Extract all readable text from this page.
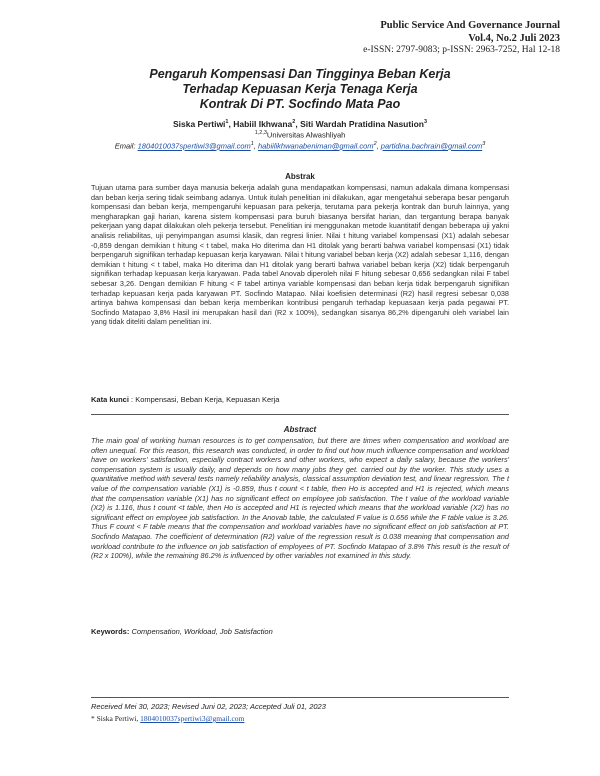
Public Service And Governance Journal
Vol.4, No.2 Juli 2023
e-ISSN: 2797-9083; p-ISSN: 2963-7252, Hal 12-18
Pengaruh Kompensasi Dan Tingginya Beban Kerja
Terhadap Kepuasan Kerja Tenaga Kerja
Kontrak Di PT. Socfindo Mata Pao
Siska Pertiwi$^1$, Habiil Ikhwana$^2$, Siti Wardah Pratidina Nasution$^3$
$^{1,2,3}$Universitas Alwashliyah
Email: 1804010037spertiwi3@gmail.com$^1$, habiilikhwanabeniman@gmail.com$^2$, partidina.bachrain@gmail.com$^3$
Abstrak
Tujuan utama para sumber daya manusia bekerja adalah guna mendapatkan kompensasi, namun adakala dimana kompensasi dan beban kerja sering tidak seimbang adanya. Untuk itulah penelitian ini dilakukan, agar mengetahui seberapa besar pengaruh kompensasi dan beban kerja, mempengaruhi kepuasan para pekerja, terutama para pekerja kontrak dan buruh lainnya, yang mengharapkan gaji harian, karena sistem kompensasi para buruh biasanya bersifat harian, dan tergantung berapa banyak pekerjaan yang dapat dilakukan oleh pekerja tersebut. Penelitian ini menggunakan metode kuantitatif dengan beberapa uji yakni analisis reliabilitas, uji penyimpangan asumsi klasik, dan regresi linier. Nilai t hitung variabel kompensasi (X1) adalah sebesar -0,859 dengan demikian t hitung < t tabel, maka Ho diterima dan H1 ditolak yang berarti bahwa variabel kompensasi (X1) tidak berpengaruh signifikan terhadap kepuasan kerja karyawan. Nilai t hitung variabel beban kerja (X2) adalah sebesar 1,116, dengan demikian t hitung < t tabel, maka Ho diterima dan H1 ditolak yang berarti bahwa variabel beban kerja (X2) tidak berpengaruh signifikan terhadap kepuasan kerja karyawan. Pada tabel Anovab diperoleh nilai F hitung sebesar 0,656 sedangkan nilai F tabel sebesar 3,26. Dengan demikian F hitung < F tabel artinya variable kompensasi dan beban kerja tidak berpengaruh signifikan terhadap kepuasan kerja pada karyawan PT. Socfindo Matapao. Nilai koefisien determinasi (R2) hasil regresi sebesar 0,038 artinya bahwa kompensasi dan beban kerja memberikan kontribusi pengaruh terhadap kepuasaan kerja pada pegawai PT. Socfindo Matapao 3,8% Hasil ini merupakan hasil dari (R2 x 100%), sedangkan sisanya 86,2% dipengaruhi oleh variabel lain yang tidak diteliti dalam penelitian ini.
Kata kunci : Kompensasi, Beban Kerja, Kepuasan Kerja
Abstract
The main goal of working human resources is to get compensation, but there are times when compensation and workload are often unequal. For this reason, this research was conducted, in order to find out how much influence compensation and workload have on workers' satisfaction, especially contract workers and other workers, who expect a daily salary, because the workers' compensation system is usually daily, and depends on how many jobs they get. carried out by the worker. This study uses a quantitative method with several tests namely reliability analysis, classical assumption deviation test, and linear regression. The t value of the compensation variable (X1) is -0.859, thus t count < t table, then Ho is accepted and H1 is rejected, which means that the compensation variable (X1) has no significant effect on employee job satisfaction. The t value of the workload variable (X2) is 1.116, thus t count <t table, then Ho is accepted and H1 is rejected which means that the workload variable (X2) has no significant effect on employee job satisfaction. In the Anovab table, the calculated F value is 0.656 while the F table value is 3.26. Thus F count < F table means that the compensation and workload variables have no significant effect on job satisfaction at PT. Socfindo Matapao. The coefficient of determination (R2) value of the regression result is 0.038 meaning that compensation and workload contribute to the influence on job satisfaction of employees of PT. Socfindo Matapao of 3.8% This result is the result of (R2 x 100%), while the remaining 86.2% is influenced by other variables not examined in this study.
Keywords: Compensation, Workload, Job Satisfaction
Received Mei 30, 2023; Revised Juni 02, 2023; Accepted Juli 01, 2023
* Siska Pertiwi, 1804010037spertiwi3@gmail.com
